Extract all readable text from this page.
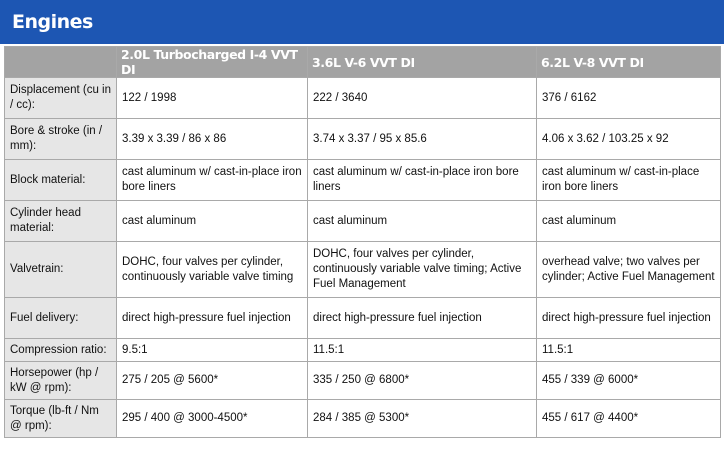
Engines
	2.0L Turbocharged I-4 VVT DI	3.6L V-6 VVT DI	6.2L V-8 VVT DI
Displacement (cu in / cc):	122 / 1998	222 / 3640	376 / 6162
Bore & stroke (in / mm):	3.39 x 3.39 / 86 x 86	3.74 x 3.37 / 95 x 85.6	4.06 x 3.62 / 103.25 x 92
Block material:	cast aluminum w/ cast-in-place iron bore liners	cast aluminum w/ cast-in-place iron bore liners	cast aluminum w/ cast-in-place iron bore liners
Cylinder head material:	cast aluminum	cast aluminum	cast aluminum
Valvetrain:	DOHC, four valves per cylinder, continuously variable valve timing	DOHC, four valves per cylinder, continuously variable valve timing; Active Fuel Management	overhead valve; two valves per cylinder; Active Fuel Management
Fuel delivery:	direct high-pressure fuel injection	direct high-pressure fuel injection	direct high-pressure fuel injection
Compression ratio:	9.5:1	11.5:1	11.5:1
Horsepower (hp / kW @ rpm):	275 / 205 @ 5600*	335 / 250 @ 6800*	455 / 339 @ 6000*
Torque (lb-ft / Nm @ rpm):	295 / 400 @ 3000-4500*	284 / 385 @ 5300*	455 / 617 @ 4400*
